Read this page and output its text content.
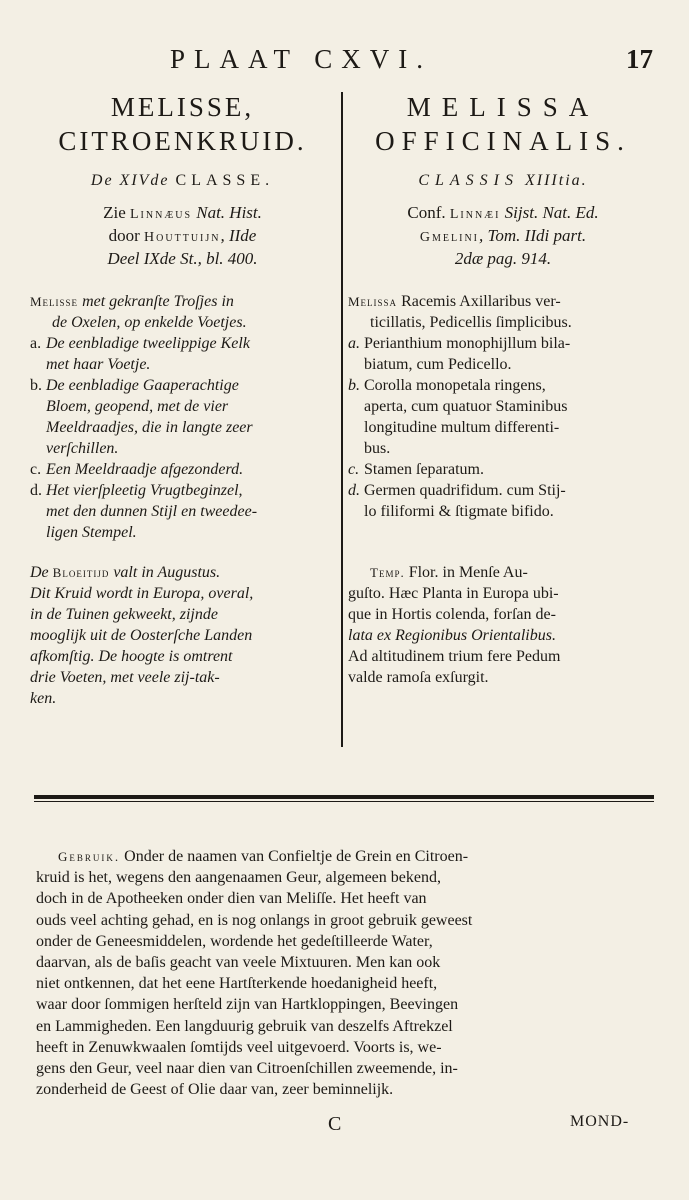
PLAAT CXVI.	17
MELISSE,
CITROENKRUID.
De XIVde CLASSE.
Zie Linnæus Nat. Hist.
door Houttuijn, IIde
Deel IXde St., bl. 400.
Melisse met gekranſte Troſjes in
de Oxelen, op enkelde Voetjes.
a. De eenbladige tweelippige Kelk
met haar Voetje.
b. De eenbladige Gaaperachtige
Bloem, geopend, met de vier
Meeldraadjes, die in langte zeer
verſchillen.
c. Een Meeldraadje afgezonderd.
d. Het vierſpleetig Vrugtbeginzel,
met den dunnen Stijl en tweedee-
ligen Stempel.
De Bloeitijd valt in Augustus.
Dit Kruid wordt in Europa, overal,
in de Tuinen gekweekt, zijnde
mooglijk uit de Oosterſche Landen
afkomſtig. De hoogte is omtrent
drie Voeten, met veele zij-tak-
ken.
MELISSA
OFFICINALIS.
CLASSIS XIIItia.
Conf. Linnæi Sijst. Nat. Ed.
Gmelini, Tom. IIdi part.
2dæ pag. 914.
Melissa Racemis Axillaribus ver-
ticillatis, Pedicellis ſimplicibus.
a. Perianthium monophijllum bila-
biatum, cum Pedicello.
b. Corolla monopetala ringens,
aperta, cum quatuor Staminibus
longitudine multum differenti-
bus.
c. Stamen ſeparatum.
d. Germen quadrifidum. cum Stij-
lo filiformi & ſtigmate bifido.
Temp. Flor. in Menſe Au-
guſto. Hæc Planta in Europa ubi-
que in Hortis colenda, forſan de-
lata ex Regionibus Orientalibus.
Ad altitudinem trium fere Pedum
valde ramoſa exſurgit.
Gebruik. Onder de naamen van Confieltje de Grein en Citroen-
kruid is het, wegens den aangenaamen Geur, algemeen bekend,
doch in de Apotheeken onder dien van Meliſſe. Het heeft van
ouds veel achting gehad, en is nog onlangs in groot gebruik geweest
onder de Geneesmiddelen, wordende het gedeſtilleerde Water,
daarvan, als de baſis geacht van veele Mixtuuren. Men kan ook
niet ontkennen, dat het eene Hartſterkende hoedanigheid heeft,
waar door ſommigen herſteld zijn van Hartkloppingen, Beevingen
en Lammigheden. Een langduurig gebruik van deszelfs Aftrekzel
heeft in Zenuwkwaalen ſomtijds veel uitgevoerd. Voorts is, we-
gens den Geur, veel naar dien van Citroenſchillen zweemende, in-
zonderheid de Geest of Olie daar van, zeer beminnelijk.
C	MOND-
